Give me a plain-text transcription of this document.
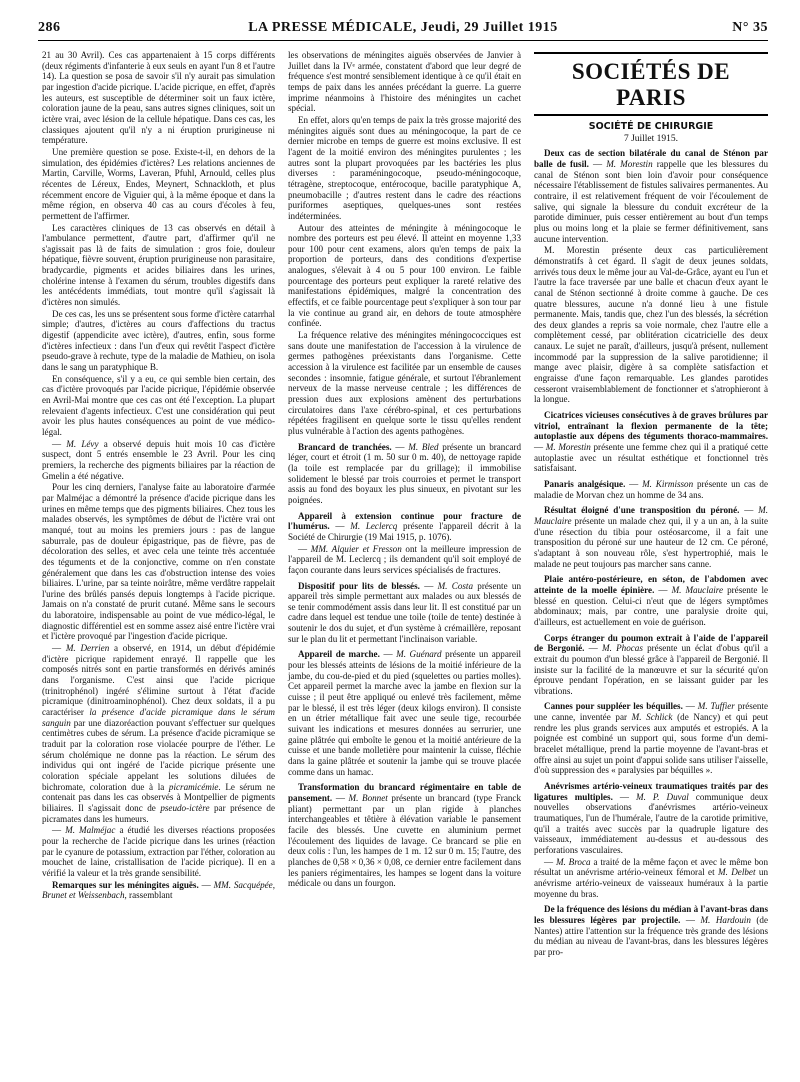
286	LA PRESSE MÉDICALE, Jeudi, 29 Juillet 1915	N° 35

21 au 30 Avril). Ces cas appartenaient à 15 corps différents (deux régiments d'infanterie à eux seuls en ayant l'un 8 et l'autre 14). La question se posa de savoir s'il n'y aurait pas simulation par ingestion d'acide picrique. L'acide picrique, en effet, d'après les auteurs, est susceptible de déterminer soit un faux ictère, coloration jaune de la peau, sans autres signes cliniques, soit un ictère vrai, avec lésion de la cellule hépatique. Dans ces cas, les classiques ajoutent qu'il n'y a ni éruption prurigineuse ni température.

Une première question se pose. Existe-t-il, en dehors de la simulation, des épidémies d'ictères? Les relations anciennes de Martin, Carville, Worms, Laveran, Pfuhl, Arnould, celles plus récentes de Léreux, Endes, Meynert, Schnackloth, et plus récemment encore de Viguier qui, à la même époque et dans la même région, en observa 40 cas au cours d'écoles à feu, permettent de l'affirmer.

Les caractères cliniques de 13 cas observés en détail à l'ambulance permettent, d'autre part, d'affirmer qu'il ne s'agissait pas là de faits de simulation : gros foie, douleur hépatique, fièvre souvent, éruption prurigineuse non parasitaire, bradycardie, pigments et acides biliaires dans les urines, cholérine intense à l'examen du sérum, troubles digestifs dans les antécédents immédiats, tout montre qu'il s'agissait là d'ictères non simulés.

De ces cas, les uns se présentent sous forme d'ictère catarrhal simple; d'autres, d'ictères au cours d'affections du tractus digestif (appendicite avec ictère), d'autres, enfin, sous forme d'ictères infectieux : dans l'un d'eux qui revêtit l'aspect d'ictère pseudo-grave à rechute, type de la maladie de Mathieu, on isola dans le sang un paratyphique B.

En conséquence, s'il y a eu, ce qui semble bien certain, des cas d'ictère provoqués par l'acide picrique, l'épidémie observée en Avril-Mai montre que ces cas ont été l'exception. La plupart relevaient d'agents infectieux. C'est une considération qui peut avoir les plus hautes conséquences au point de vue médico-légal.

— M. Lévy a observé depuis huit mois 10 cas d'ictère suspect, dont 5 entrés ensemble le 23 Avril. Pour les cinq premiers, la recherche des pigments biliaires par la réaction de Gmelin a été négative.

Pour les cinq derniers, l'analyse faite au laboratoire d'armée par Malméjac a démontré la présence d'acide picrique dans les urines en même temps que des pigments biliaires. Chez tous les malades observés, les symptômes de début de l'ictère vrai ont manqué, tout au moins les premiers jours : pas de langue saburrale, pas de douleur épigastrique, pas de fièvre, pas de décoloration des selles, et avec cela une teinte très accentuée des téguments et de la conjonctive, comme on n'en constate généralement que dans les cas d'obstruction intense des voies biliaires. L'urine, par sa teinte noirâtre, même verdâtre rappelait l'urine des brûlés pansés depuis longtemps à l'acide picrique. Jamais on n'a constaté de prurit cutané. Même sans le secours du laboratoire, indispensable au point de vue médico-légal, le diagnostic différentiel est en somme assez aisé entre l'ictère vrai et l'ictère provoqué par l'ingestion d'acide picrique.

— M. Derrien a observé, en 1914, un début d'épidémie d'ictère picrique rapidement enrayé. Il rappelle que les composés nitrés sont en partie transformés en dérivés aminés dans l'organisme. C'est ainsi que l'acide picrique (trinitrophénol) ingéré s'élimine surtout à l'état d'acide picramique (dinitroaminophénol). Chez deux soldats, il a pu caractériser la présence d'acide picramique dans le sérum sanguin par une diazoréaction pouvant s'effectuer sur quelques centimètres cubes de sérum. La présence d'acide picramique se traduit par la coloration rose violacée pourpre de l'éther. Le sérum cholémique ne donne pas la réaction. Le sérum des individus qui ont ingéré de l'acide picrique présente une coloration spéciale appelant les solutions diluées de bichromate, coloration due à la picramicémie. Le sérum ne contenait pas dans les cas observés à Montpellier de pigments biliaires. Il s'agissait donc de pseudo-ictère par présence de picramates dans les humeurs.

— M. Malméjac a étudié les diverses réactions proposées pour la recherche de l'acide picrique dans les urines (réaction par le cyanure de potassium, extraction par l'éther, coloration au mouchet de laine, cristallisation de l'acide picrique). Il en a vérifié la valeur et la très grande sensibilité.

Remarques sur les méningites aiguës. — MM. Sacquépée, Brunet et Weissenbach, rassemblant

les observations de méningites aiguës observées de Janvier à Juillet dans la IVᵉ armée, constatent d'abord que leur degré de fréquence s'est montré sensiblement identique à ce qu'il était en temps de paix dans les années précédant la guerre. La guerre imprime néanmoins à l'histoire des méningites un cachet spécial.

En effet, alors qu'en temps de paix la très grosse majorité des méningites aiguës sont dues au méningocoque, la part de ce dernier microbe en temps de guerre est moins exclusive. Il est l'agent de la moitié environ des méningites purulentes ; les autres sont la plupart provoquées par les bactéries les plus diverses : paraméningocoque, pseudo-méningocoque, tétragène, streptocoque, entérocoque, bacille paratyphique A, pneumobacille ; d'autres restent dans le cadre des réactions puriformes aseptiques, quelques-unes sont restées indéterminées.

Autour des atteintes de méningite à méningocoque le nombre des porteurs est peu élevé. Il atteint en moyenne 1,33 pour 100 pour cent examens, alors qu'en temps de paix la proportion de porteurs, dans des conditions d'expertise analogues, s'élevait à 4 ou 5 pour 100 environ. Le faible pourcentage des porteurs peut expliquer la rareté relative des manifestations épidémiques, malgré la concentration des effectifs, et ce faible pourcentage peut s'expliquer à son tour par la vie continue au grand air, en dehors de toute atmosphère confinée.

La fréquence relative des méningites méningococciques est sans doute une manifestation de l'accession à la virulence de germes pathogènes préexistants dans l'organisme. Cette accession à la virulence est facilitée par un ensemble de causes secondes : insomnie, fatigue générale, et surtout l'ébranlement nerveux de la masse nerveuse centrale ; les différences de pression dues aux explosions amènent des perturbations circulatoires dans l'axe cérébro-spinal, et ces perturbations répétées fragilisent en quelque sorte le tissu qu'elles rendent plus vulnérable à l'action des agents pathogènes.

Brancard de tranchées. — M. Bled présente un brancard léger, court et étroit (1 m. 50 sur 0 m. 40), de nettoyage rapide (la toile est remplacée par du grillage); il immobilise solidement le blessé par trois courroies et permet le transport assis au fond des boyaux les plus sinueux, en pivotant sur les poignées.

Appareil à extension continue pour fracture de l'humérus. — M. Leclercq présente l'appareil décrit à la Société de Chirurgie (19 Mai 1915, p. 1076).

— MM. Alquier et Fresson ont la meilleure impression de l'appareil de M. Leclercq ; ils demandent qu'il soit employé de façon courante dans leurs services spécialisés de fractures.

Dispositif pour lits de blessés. — M. Costa présente un appareil très simple permettant aux malades ou aux blessés de se tenir commodément assis dans leur lit. Il est constitué par un cadre dans lequel est tendue une toile (toile de tente) destinée à soutenir le dos du sujet, et d'un système à crémaillère, reposant sur le plan du lit et permettant l'inclinaison variable.

Appareil de marche. — M. Guénard présente un appareil pour les blessés atteints de lésions de la moitié inférieure de la jambe, du cou-de-pied et du pied (squelettes ou parties molles). Cet appareil permet la marche avec la jambe en flexion sur la cuisse ; il peut être appliqué ou enlevé très facilement, même par le blessé, il est très léger (deux kilogs environ). Il consiste en un étrier métallique fait avec une seule tige, recourbée suivant les indications et mesures données au serrurier, une gaine plâtrée qui emboîte le genou et la moitié antérieure de la cuisse et une bande molletière pour maintenir la cuisse, fléchie dans la gaine plâtrée et soutenir la jambe qui se trouve placée comme dans un hamac.

Transformation du brancard régimentaire en table de pansement. — M. Bonnet présente un brancard (type Franck pliant) permettant par un plan rigide à planches interchangeables et têtière à élévation variable le pansement facile des blessés. Une cuvette en aluminium permet l'écoulement des liquides de lavage. Ce brancard se plie en deux colis : l'un, les hampes de 1 m. 12 sur 0 m. 15; l'autre, des planches de 0,58 × 0,36 × 0,08, ce dernier entre facilement dans les paniers régimentaires, les hampes se logent dans la voiture médicale ou dans un fourgon.

SOCIÉTÉS DE PARIS
SOCIÉTÉ DE CHIRURGIE
7 Juillet 1915.

Deux cas de section bilatérale du canal de Sténon par balle de fusil. — M. Morestin rappelle que les blessures du canal de Sténon sont bien loin d'avoir pour conséquence nécessaire l'établissement de fistules salivaires permanentes. Au contraire, il est relativement fréquent de voir l'écoulement de salive, qui signale la blessure du conduit excréteur de la parotide diminuer, puis cesser entièrement au bout d'un temps plus ou moins long et la plaie se fermer définitivement, sans aucune intervention.

M. Morestin présente deux cas particulièrement démonstratifs à cet égard. Il s'agit de deux jeunes soldats, arrivés tous deux le même jour au Val-de-Grâce, ayant eu l'un et l'autre la face traversée par une balle et chacun d'eux ayant le canal de Sténon sectionné à droite comme à gauche. De ces quatre blessures, aucune n'a donné lieu à une fistule permanente. Mais, tandis que, chez l'un des blessés, la sécrétion des deux glandes a repris sa voie normale, chez l'autre elle a complètement cessé, par oblitération cicatricielle des deux canaux. Le sujet ne paraît, d'ailleurs, jusqu'à présent, nullement incommodé par la suppression de la salive parotidienne; il mange avec plaisir, digère à sa complète satisfaction et engraisse d'une façon remarquable. Les glandes parotides cesseront vraisemblablement de fonctionner et s'atrophieront à la longue.

Cicatrices vicieuses consécutives à de graves brûlures par vitriol, entraînant la flexion permanente de la tête; autoplastie aux dépens des téguments thoraco-mammaires. — M. Morestin présente une femme chez qui il a pratiqué cette autoplastie avec un résultat esthétique et fonctionnel très satisfaisant.

Panaris analgésique. — M. Kirmisson présente un cas de maladie de Morvan chez un homme de 34 ans.

Résultat éloigné d'une transposition du péroné. — M. Mauclaire présente un malade chez qui, il y a un an, à la suite d'une résection du tibia pour ostéosarcome, il a fait une transposition du péroné sur une hauteur de 12 cm. Ce péroné, s'adaptant à son nouveau rôle, s'est hypertrophié, mais le malade ne peut toujours pas marcher sans canne.

Plaie antéro-postérieure, en séton, de l'abdomen avec atteinte de la moelle épinière. — M. Mauclaire présente le blessé en question. Celui-ci n'eut que de légers symptômes abdominaux; mais, par contre, une paralysie droite qui, d'ailleurs, est actuellement en voie de guérison.

Corps étranger du poumon extrait à l'aide de l'appareil de Bergonié. — M. Phocas présente un éclat d'obus qu'il a extrait du poumon d'un blessé grâce à l'appareil de Bergonié. Il insiste sur la facilité de la manœuvre et sur la sécurité qu'on éprouve pendant l'opération, en se laissant guider par les vibrations.

Cannes pour suppléer les béquilles. — M. Tuffier présente une canne, inventée par M. Schlick (de Nancy) et qui peut rendre les plus grands services aux amputés et estropiés. A la poignée est combiné un support qui, sous forme d'un demi-bracelet métallique, prend la partie moyenne de l'avant-bras et offre ainsi au sujet un point d'appui solide sans utiliser l'aisselle, d'où suppression des « paralysies par béquilles ».

Anévrismes artério-veineux traumatiques traités par des ligatures multiples. — M. P. Duval communique deux nouvelles observations d'anévrismes artério-veineux traumatiques, l'un de l'humérale, l'autre de la carotide primitive, qu'il a traités avec succès par la quadruple ligature des vaisseaux, immédiatement au-dessus et au-dessous des perforations vasculaires.

— M. Broca a traité de la même façon et avec le même bon résultat un anévrisme artério-veineux fémoral et M. Delbet un anévrisme artério-veineux de vaisseaux huméraux à la partie moyenne du bras.

De la fréquence des lésions du médian à l'avant-bras dans les blessures légères par projectile. — M. Hardouin (de Nantes) attire l'attention sur la fréquence très grande des lésions du médian au niveau de l'avant-bras, dans les blessures légères par pro-
